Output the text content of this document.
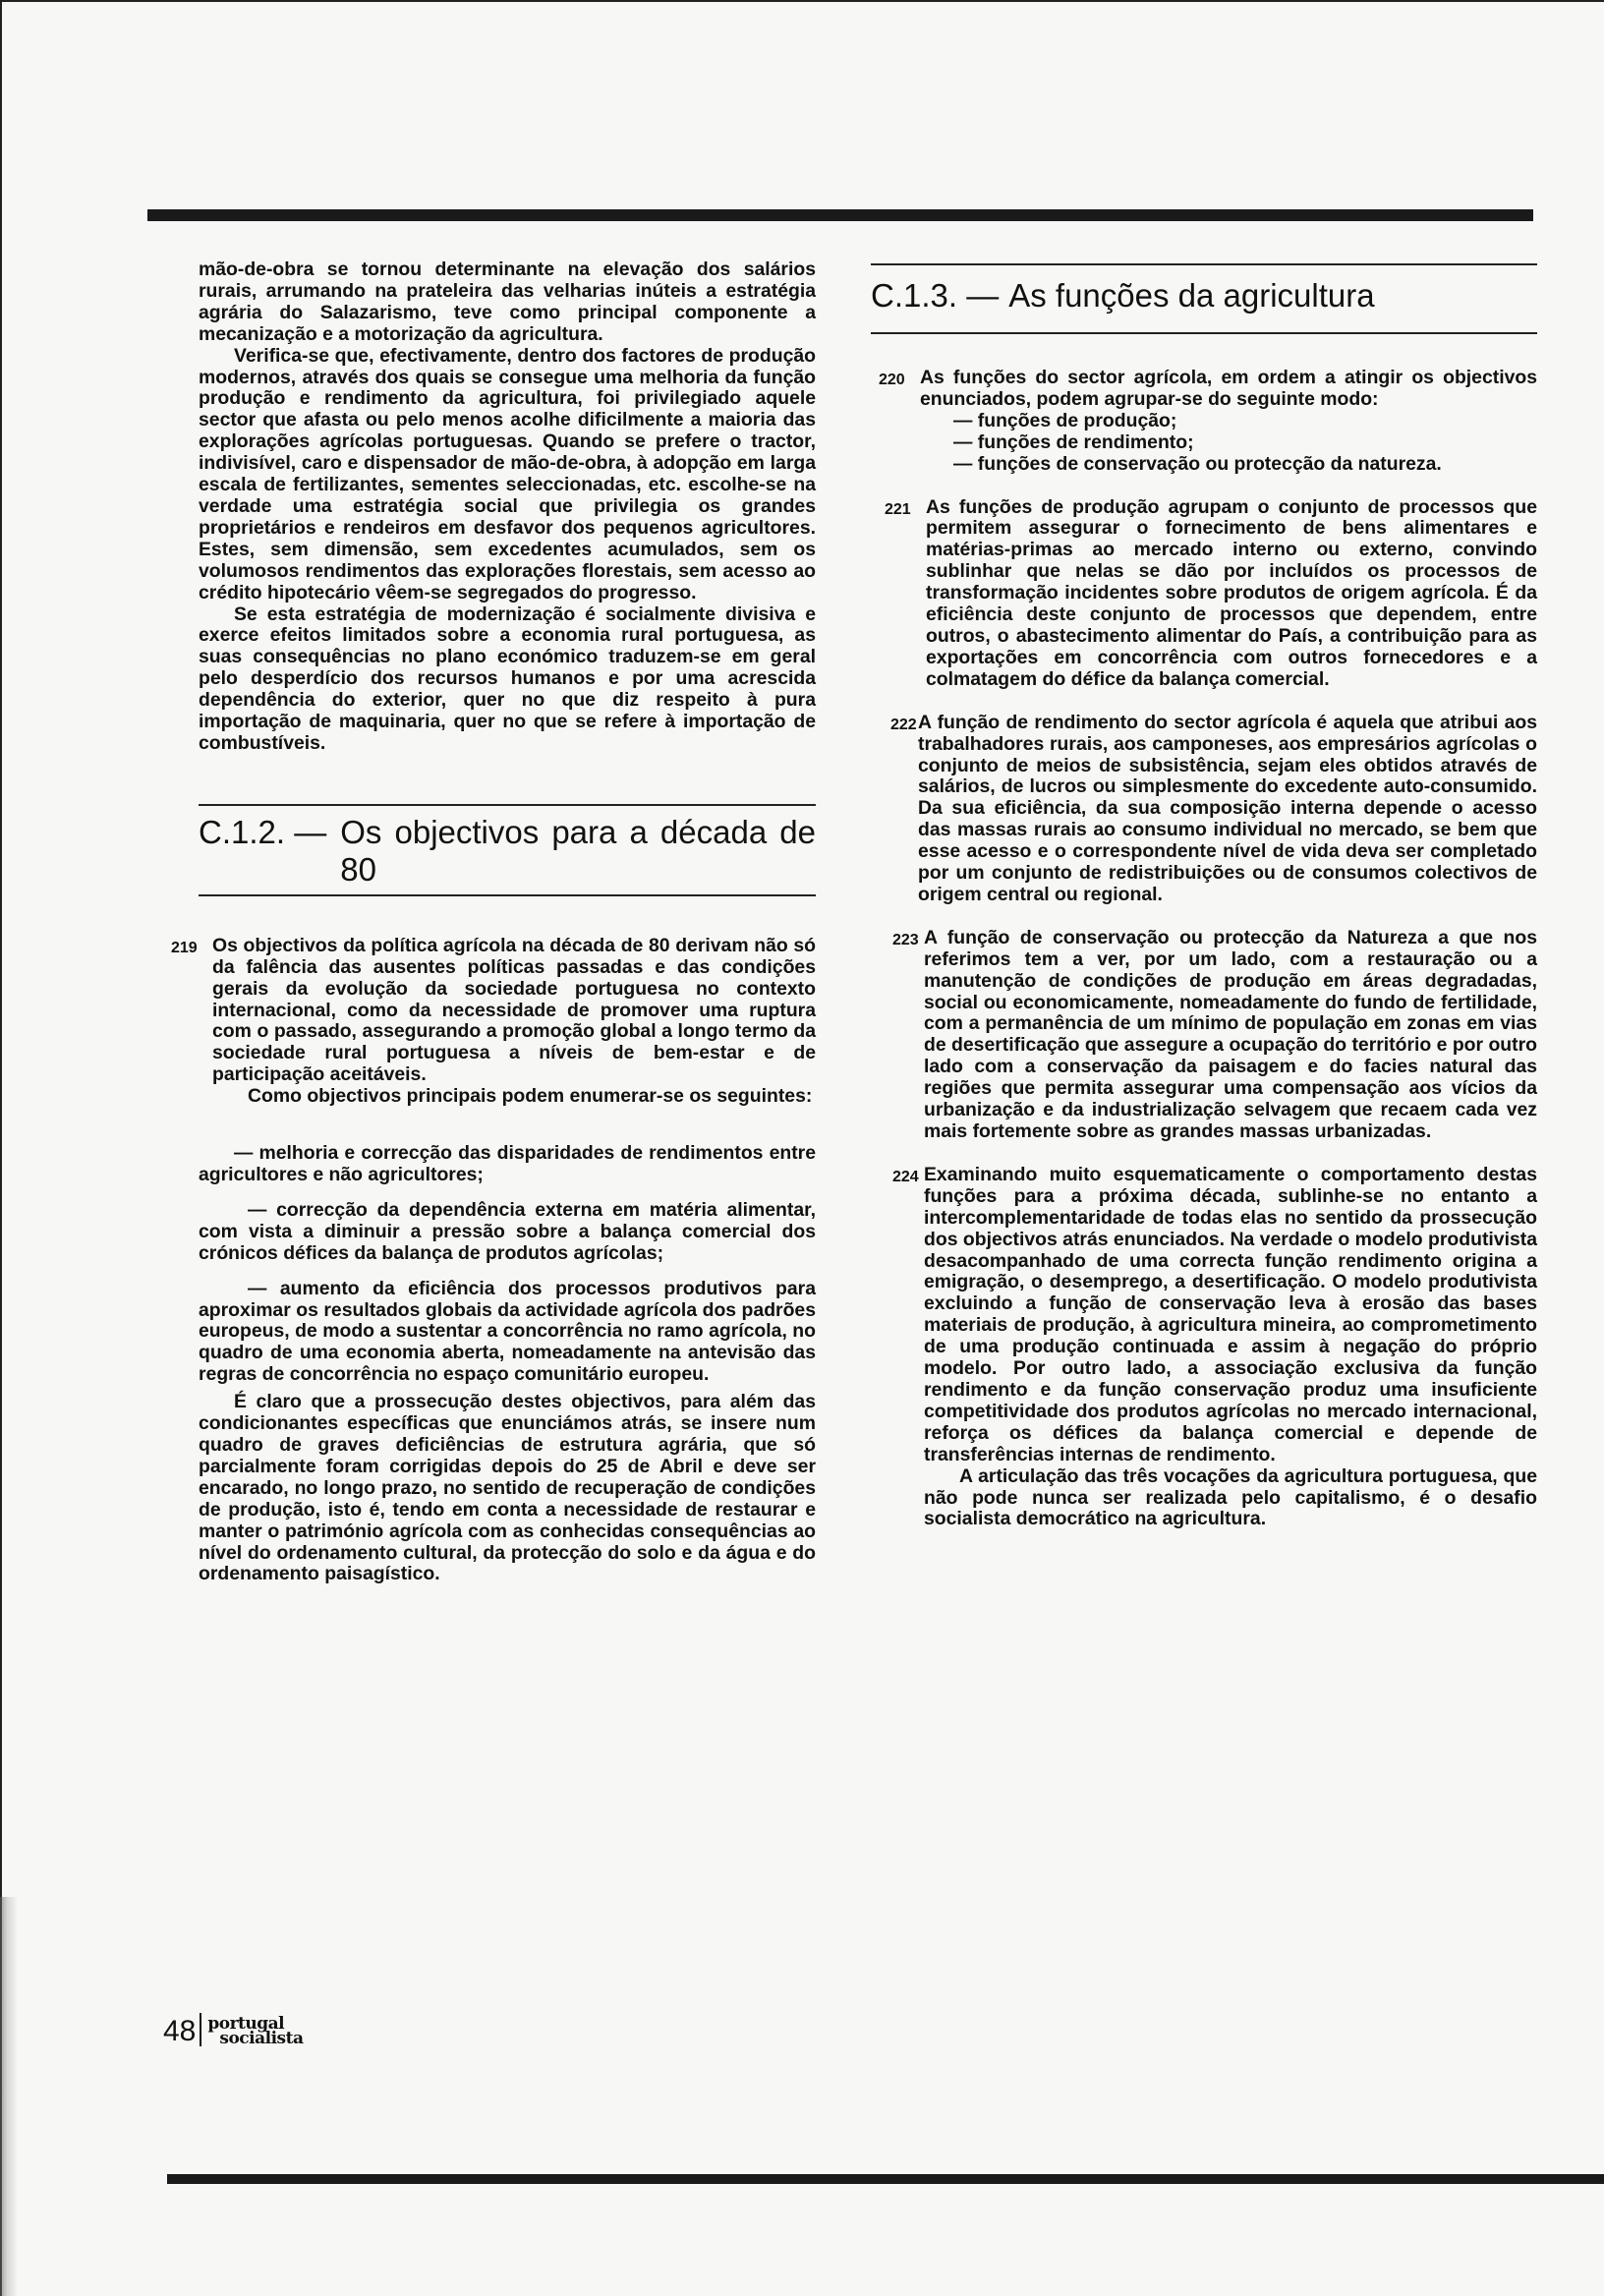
mão-de-obra se tornou determinante na elevação dos salários rurais, arrumando na prateleira das velharias inúteis a estratégia agrária do Salazarismo, teve como principal componente a mecanização e a motorização da agricultura.

Verifica-se que, efectivamente, dentro dos factores de produção modernos, através dos quais se consegue uma melhoria da função produção e rendimento da agricultura, foi privilegiado aquele sector que afasta ou pelo menos acolhe dificilmente a maioria das explorações agrícolas portuguesas. Quando se prefere o tractor, indivisível, caro e dispensador de mão-de-obra, à adopção em larga escala de fertilizantes, sementes seleccionadas, etc. escolhe-se na verdade uma estratégia social que privilegia os grandes proprietários e rendeiros em desfavor dos pequenos agricultores. Estes, sem dimensão, sem excedentes acumulados, sem os volumosos rendimentos das explorações florestais, sem acesso ao crédito hipotecário vêem-se segregados do progresso.

Se esta estratégia de modernização é socialmente divisiva e exerce efeitos limitados sobre a economia rural portuguesa, as suas consequências no plano económico traduzem-se em geral pelo desperdício dos recursos humanos e por uma acrescida dependência do exterior, quer no que diz respeito à pura importação de maquinaria, quer no que se refere à importação de combustíveis.

C.1.2. — Os objectivos para a década de 80
219 Os objectivos da política agrícola na década de 80 derivam não só da falência das ausentes políticas passadas e das condições gerais da evolução da sociedade portuguesa no contexto internacional, como da necessidade de promover uma ruptura com o passado, assegurando a promoção global a longo termo da sociedade rural portuguesa a níveis de bem-estar e de participação aceitáveis.

Como objectivos principais podem enumerar-se os seguintes:

— melhoria e correcção das disparidades de rendimentos entre agricultores e não agricultores;

— correcção da dependência externa em matéria alimentar, com vista a diminuir a pressão sobre a balança comercial dos crónicos défices da balança de produtos agrícolas;

— aumento da eficiência dos processos produtivos para aproximar os resultados globais da actividade agrícola dos padrões europeus, de modo a sustentar a concorrência no ramo agrícola, no quadro de uma economia aberta, nomeadamente na antevisão das regras de concorrência no espaço comunitário europeu.

É claro que a prossecução destes objectivos, para além das condicionantes específicas que enunciámos atrás, se insere num quadro de graves deficiências de estrutura agrária, que só parcialmente foram corrigidas depois do 25 de Abril e deve ser encarado, no longo prazo, no sentido de recuperação de condições de produção, isto é, tendo em conta a necessidade de restaurar e manter o património agrícola com as conhecidas consequências ao nível do ordenamento cultural, da protecção do solo e da água e do ordenamento paisagístico.

C.1.3. — As funções da agricultura
220 As funções do sector agrícola, em ordem a atingir os objectivos enunciados, podem agrupar-se do seguinte modo:
— funções de produção;
— funções de rendimento;
— funções de conservação ou protecção da natureza.
221 As funções de produção agrupam o conjunto de processos que permitem assegurar o fornecimento de bens alimentares e matérias-primas ao mercado interno ou externo, convindo sublinhar que nelas se dão por incluídos os processos de transformação incidentes sobre produtos de origem agrícola. É da eficiência deste conjunto de processos que dependem, entre outros, o abastecimento alimentar do País, a contribuição para as exportações em concorrência com outros fornecedores e a colmatagem do défice da balança comercial.
222 A função de rendimento do sector agrícola é aquela que atribui aos trabalhadores rurais, aos camponeses, aos empresários agrícolas o conjunto de meios de subsistência, sejam eles obtidos através de salários, de lucros ou simplesmente do excedente auto-consumido. Da sua eficiência, da sua composição interna depende o acesso das massas rurais ao consumo individual no mercado, se bem que esse acesso e o correspondente nível de vida deva ser completado por um conjunto de redistribuições ou de consumos colectivos de origem central ou regional.
223 A função de conservação ou protecção da Natureza a que nos referimos tem a ver, por um lado, com a restauração ou a manutenção de condições de produção em áreas degradadas, social ou economicamente, nomeadamente do fundo de fertilidade, com a permanência de um mínimo de população em zonas em vias de desertificação que assegure a ocupação do território e por outro lado com a conservação da paisagem e do facies natural das regiões que permita assegurar uma compensação aos vícios da urbanização e da industrialização selvagem que recaem cada vez mais fortemente sobre as grandes massas urbanizadas.
224 Examinando muito esquematicamente o comportamento destas funções para a próxima década, sublinhe-se no entanto a intercomplementaridade de todas elas no sentido da prossecução dos objectivos atrás enunciados. Na verdade o modelo produtivista desacompanhado de uma correcta função rendimento origina a emigração, o desemprego, a desertificação. O modelo produtivista excluindo a função de conservação leva à erosão das bases materiais de produção, à agricultura mineira, ao comprometimento de uma produção continuada e assim à negação do próprio modelo. Por outro lado, a associação exclusiva da função rendimento e da função conservação produz uma insuficiente competitividade dos produtos agrícolas no mercado internacional, reforça os défices da balança comercial e depende de transferências internas de rendimento.

A articulação das três vocações da agricultura portuguesa, que não pode nunca ser realizada pelo capitalismo, é o desafio socialista democrático na agricultura.

48 portugal
socialista
